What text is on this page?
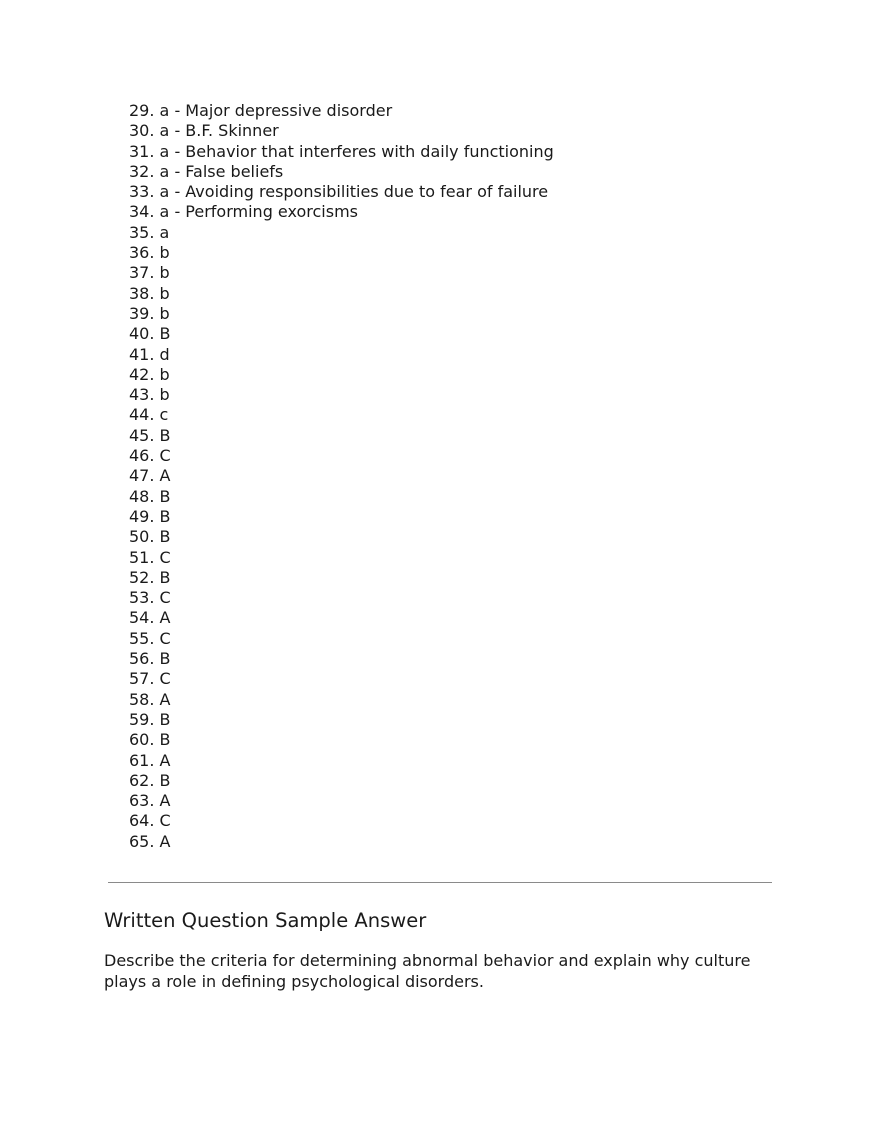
29. a - Major depressive disorder
30. a - B.F. Skinner
31. a - Behavior that interferes with daily functioning
32. a - False beliefs
33. a - Avoiding responsibilities due to fear of failure
34. a - Performing exorcisms
35. a
36. b
37. b
38. b
39. b
40. B
41. d
42. b
43. b
44. c
45. B
46. C
47. A
48. B
49. B
50. B
51. C
52. B
53. C
54. A
55. C
56. B
57. C
58. A
59. B
60. B
61. A
62. B
63. A
64. C
65. A
Written Question Sample Answer

Describe the criteria for determining abnormal behavior and explain why culture plays a role in defining psychological disorders.
